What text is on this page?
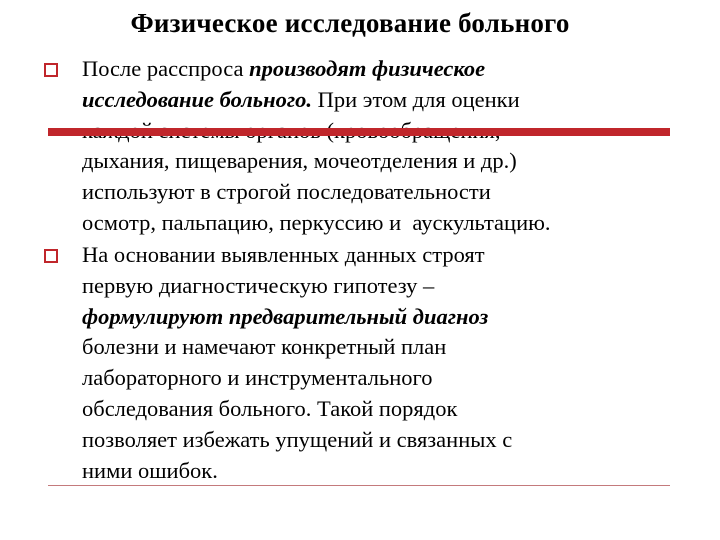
Физическое исследование больного
После расспроса производят физическое
исследование больного. При этом для оценки
дыхания, пищеварения, мочеотделения и др.)
используют в строгой последовательности
осмотр, пальпацию, перкуссию и  аускультацию.
На основании выявленных данных строят
первую диагностическую гипотезу –
формулируют предварительный диагноз
болезни и намечают конкретный план
лабораторного и инструментального
обследования больного. Такой порядок
позволяет избежать упущений и связанных с
ними ошибок.
